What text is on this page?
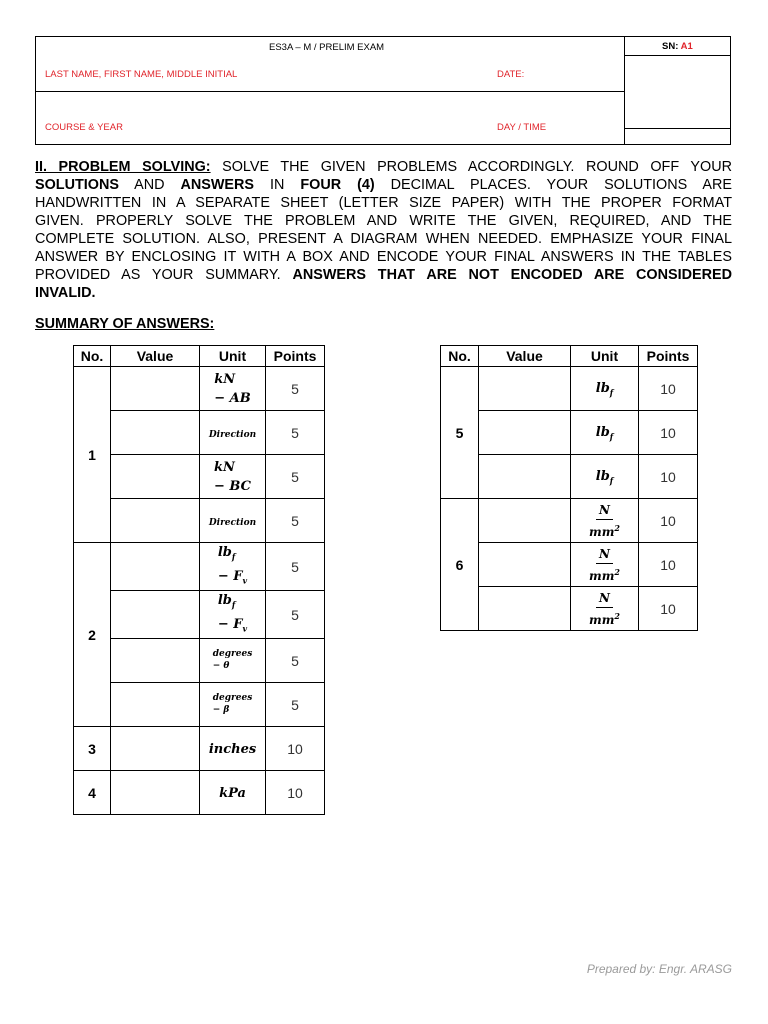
ES3A – M / PRELIM EXAM	SN: A1
LAST NAME, FIRST NAME, MIDDLE INITIAL	DATE:
COURSE & YEAR	DAY / TIME
II. PROBLEM SOLVING: SOLVE THE GIVEN PROBLEMS ACCORDINGLY. ROUND OFF YOUR
SOLUTIONS AND ANSWERS IN FOUR (4) DECIMAL PLACES. YOUR SOLUTIONS ARE
HANDWRITTEN IN A SEPARATE SHEET (LETTER SIZE PAPER) WITH THE PROPER FORMAT
GIVEN. PROPERLY SOLVE THE PROBLEM AND WRITE THE GIVEN, REQUIRED, AND THE
COMPLETE SOLUTION. ALSO, PRESENT A DIAGRAM WHEN NEEDED. EMPHASIZE YOUR FINAL
ANSWER BY ENCLOSING IT WITH A BOX AND ENCODE YOUR FINAL ANSWERS IN THE TABLES
PROVIDED AS YOUR SUMMARY. ANSWERS THAT ARE NOT ENCODED ARE CONSIDERED
INVALID.
SUMMARY OF ANSWERS:
No.	Value	Unit	Points
1		kN
− AB	5
		Direction	5
		kN
− BC	5
		Direction	5
2		$lb_f$
− $F_v$	5
		$lb_f$
− $F_v$	5
		degrees
− θ	5
		degrees
− β	5
3		inches	10
4		kPa	10
No.	Value	Unit	Points
5		$lb_f$	10
		$lb_f$	10
		$lb_f$	10
6		$\frac{N}{mm^2}$	10

		$\frac{N}{mm^2}$	10

		$\frac{N}{mm^2}$	10
Prepared by: Engr. ARASG
